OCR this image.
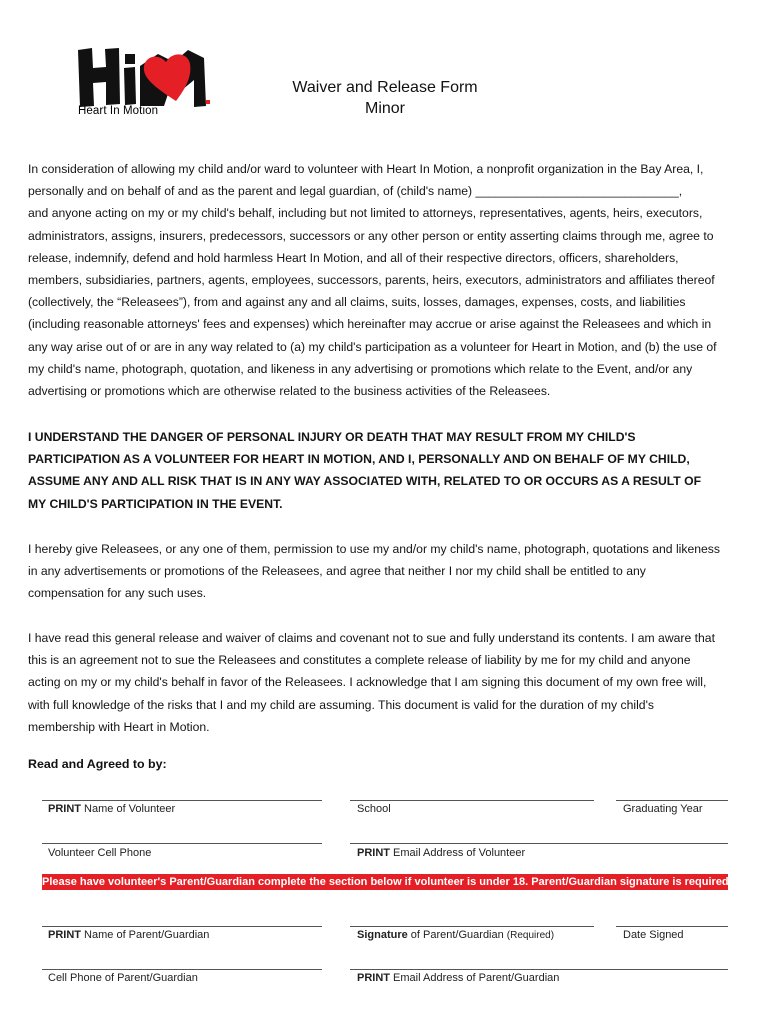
Heart In Motion
Waiver and Release Form
Minor
In consideration of allowing my child and/or ward to volunteer with Heart In Motion, a nonprofit organization in the Bay Area, I,
personally and on behalf of and as the parent and legal guardian, of (child's name) ______________________________,
and anyone acting on my or my child's behalf, including but not limited to attorneys, representatives, agents, heirs, executors,
administrators, assigns, insurers, predecessors, successors or any other person or entity asserting claims through me, agree to
release, indemnify, defend and hold harmless Heart In Motion, and all of their respective directors, officers, shareholders,
members, subsidiaries, partners, agents, employees, successors, parents, heirs, executors, administrators and affiliates thereof
(collectively, the “Releasees”), from and against any and all claims, suits, losses, damages, expenses, costs, and liabilities
(including reasonable attorneys' fees and expenses) which hereinafter may accrue or arise against the Releasees and which in
any way arise out of or are in any way related to (a) my child's participation as a volunteer for Heart in Motion, and (b) the use of
my child's name, photograph, quotation, and likeness in any advertising or promotions which relate to the Event, and/or any
advertising or promotions which are otherwise related to the business activities of the Releasees.
I UNDERSTAND THE DANGER OF PERSONAL INJURY OR DEATH THAT MAY RESULT FROM MY CHILD'S
PARTICIPATION AS A VOLUNTEER FOR HEART IN MOTION, AND I, PERSONALLY AND ON BEHALF OF MY CHILD,
ASSUME ANY AND ALL RISK THAT IS IN ANY WAY ASSOCIATED WITH, RELATED TO OR OCCURS AS A RESULT OF
MY CHILD'S PARTICIPATION IN THE EVENT.
I hereby give Releasees, or any one of them, permission to use my and/or my child's name, photograph, quotations and likeness
in any advertisements or promotions of the Releasees, and agree that neither I nor my child shall be entitled to any
compensation for any such uses.
I have read this general release and waiver of claims and covenant not to sue and fully understand its contents. I am aware that
this is an agreement not to sue the Releasees and constitutes a complete release of liability by me for my child and anyone
acting on my or my child's behalf in favor of the Releasees. I acknowledge that I am signing this document of my own free will,
with full knowledge of the risks that I and my child are assuming. This document is valid for the duration of my child's
membership with Heart in Motion.
Read and Agreed to by:
PRINT Name of Volunteer	School	Graduating Year
Volunteer Cell Phone	PRINT Email Address of Volunteer
Please have volunteer's Parent/Guardian complete the section below if volunteer is under 18. Parent/Guardian signature is required.
PRINT Name of Parent/Guardian	Signature of Parent/Guardian (Required)	Date Signed
Cell Phone of Parent/Guardian	PRINT Email Address of Parent/Guardian
